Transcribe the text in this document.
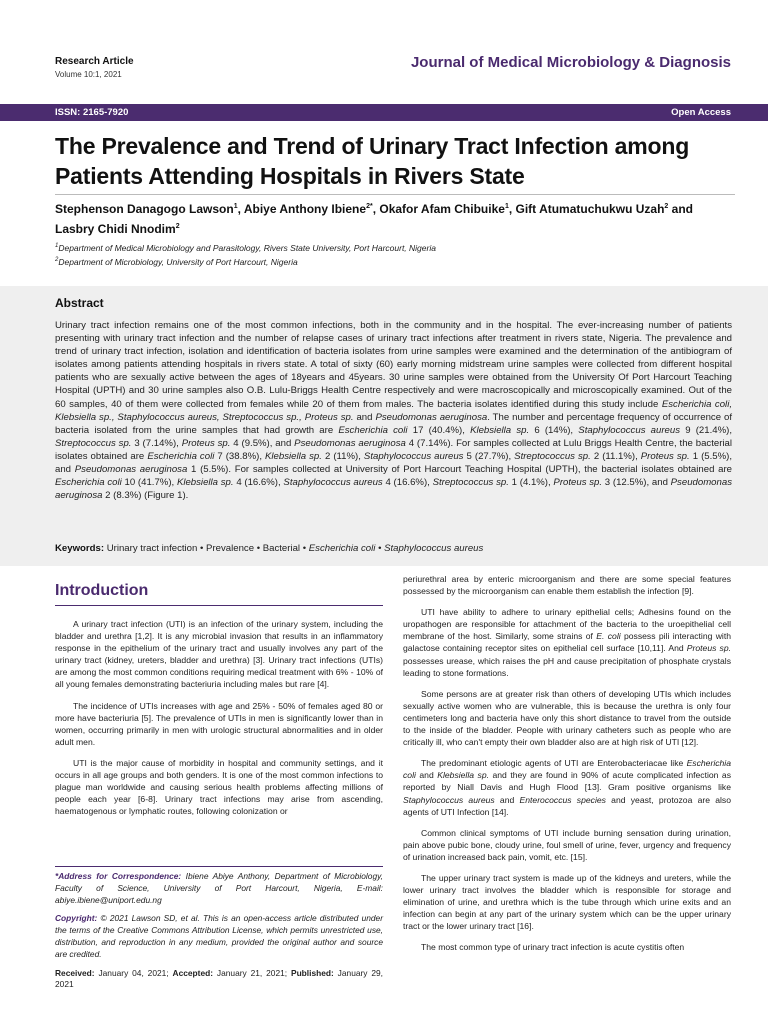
Research Article
Volume 10:1, 2021
Journal of Medical Microbiology & Diagnosis
ISSN: 2165-7920	Open Access
The Prevalence and Trend of Urinary Tract Infection among Patients Attending Hospitals in Rivers State
Stephenson Danagogo Lawson$^1$, Abiye Anthony Ibiene$^{2*}$, Okafor Afam Chibuike$^1$, Gift Atumatuchukwu Uzah$^2$ and Lasbry Chidi Nnodim$^2$
$^1$Department of Medical Microbiology and Parasitology, Rivers State University, Port Harcourt, Nigeria
$^2$Department of Microbiology, University of Port Harcourt, Nigeria
Abstract
Urinary tract infection remains one of the most common infections, both in the community and in the hospital. The ever-increasing number of patients presenting with urinary tract infection and the number of relapse cases of urinary tract infections after treatment in rivers state, Nigeria. The prevalence and trend of urinary tract infection, isolation and identification of bacteria isolates from urine samples were examined and the determination of the antibiogram of isolates among patients attending hospitals in rivers state. A total of sixty (60) early morning midstream urine samples were collected from different hospital patients who are sexually active between the ages of 18years and 45years. 30 urine samples were obtained from the University Of Port Harcourt Teaching Hospital (UPTH) and 30 urine samples also O.B. Lulu-Briggs Health Centre respectively and were macroscopically and microscopically examined. Out of the 60 samples, 40 of them were collected from females while 20 of them from males. The bacteria isolates identified during this study include Escherichia coli, Klebsiella sp., Staphylococcus aureus, Streptococcus sp., Proteus sp. and Pseudomonas aeruginosa. The number and percentage frequency of occurrence of bacteria isolated from the urine samples that had growth are Escherichia coli 17 (40.4%), Klebsiella sp. 6 (14%), Staphylococcus aureus 9 (21.4%), Streptococcus sp. 3 (7.14%), Proteus sp. 4 (9.5%), and Pseudomonas aeruginosa 4 (7.14%). For samples collected at Lulu Briggs Health Centre, the bacterial isolates obtained are Escherichia coli 7 (38.8%), Klebsiella sp. 2 (11%), Staphylococcus aureus 5 (27.7%), Streptococcus sp. 2 (11.1%), Proteus sp. 1 (5.5%), and Pseudomonas aeruginosa 1 (5.5%). For samples collected at University of Port Harcourt Teaching Hospital (UPTH), the bacterial isolates obtained are Escherichia coli 10 (41.7%), Klebsiella sp. 4 (16.6%), Staphylococcus aureus 4 (16.6%), Streptococcus sp. 1 (4.1%), Proteus sp. 3 (12.5%), and Pseudomonas aeruginosa 2 (8.3%) (Figure 1).
Keywords: Urinary tract infection • Prevalence • Bacterial • Escherichia coli • Staphylococcus aureus
Introduction

A urinary tract infection (UTI) is an infection of the urinary system, including the bladder and urethra [1,2]. It is any microbial invasion that results in an inflammatory response in the epithelium of the urinary tract and usually involves any part of the urinary tract (kidney, ureters, bladder and urethra) [3]. Urinary tract infections (UTIs) are among the most common conditions requiring medical treatment with 6% - 10% of all young females demonstrating bacteriuria including males but rare [4].

The incidence of UTIs increases with age and 25% - 50% of females aged 80 or more have bacteriuria [5]. The prevalence of UTIs in men is significantly lower than in women, occurring primarily in men with urologic structural abnormalities and in older adult men.

UTI is the major cause of morbidity in hospital and community settings, and it occurs in all age groups and both genders. It is one of the most common infections to plague man worldwide and causing serious health problems affecting millions of people each year [6-8]. Urinary tract infections may arise from ascending, haematogenous or lymphatic routes, following colonization or

periurethral area by enteric microorganism and there are some special features possessed by the microorganism can enable them establish the infection [9].

UTI have ability to adhere to urinary epithelial cells; Adhesins found on the uropathogen are responsible for attachment of the bacteria to the uroepithelial cell membrane of the host. Similarly, some strains of E. coli possess pili interacting with galactose containing receptor sites on epithelial cell surface [10,11]. And Proteus sp. possesses urease, which raises the pH and cause precipitation of phosphate crystals leading to stone formations.

Some persons are at greater risk than others of developing UTIs which includes sexually active women who are vulnerable, this is because the urethra is only four centimeters long and bacteria have only this short distance to travel from the outside to the inside of the bladder. People with urinary catheters such as people who are critically ill, who can't empty their own bladder also are at high risk of UTI [12].

The predominant etiologic agents of UTI are Enterobacteriacae like Escherichia coli and Klebsiella sp. and they are found in 90% of acute complicated infection as reported by Niall Davis and Hugh Flood [13]. Gram positive organisms like Staphylococcus aureus and Enterococcus species and yeast, protozoa are also agents of UTI Infection [14].

Common clinical symptoms of UTI include burning sensation during urination, pain above pubic bone, cloudy urine, foul smell of urine, fever, urgency and frequency of urination increased back pain, vomit, etc. [15].

The upper urinary tract system is made up of the kidneys and ureters, while the lower urinary tract involves the bladder which is responsible for storage and elimination of urine, and urethra which is the tube through which urine exits and an infection can begin at any part of the urinary system which can be the upper urinary tract or the lower urinary tract [16].

The most common type of urinary tract infection is acute cystitis often

*Address for Correspondence: Ibiene Abiye Anthony, Department of Microbiology, Faculty of Science, University of Port Harcourt, Nigeria, E-mail: abiye.ibiene@uniport.edu.ng

Copyright: © 2021 Lawson SD, et al. This is an open-access article distributed under the terms of the Creative Commons Attribution License, which permits unrestricted use, distribution, and reproduction in any medium, provided the original author and source are credited.

Received: January 04, 2021; Accepted: January 21, 2021; Published: January 29, 2021
